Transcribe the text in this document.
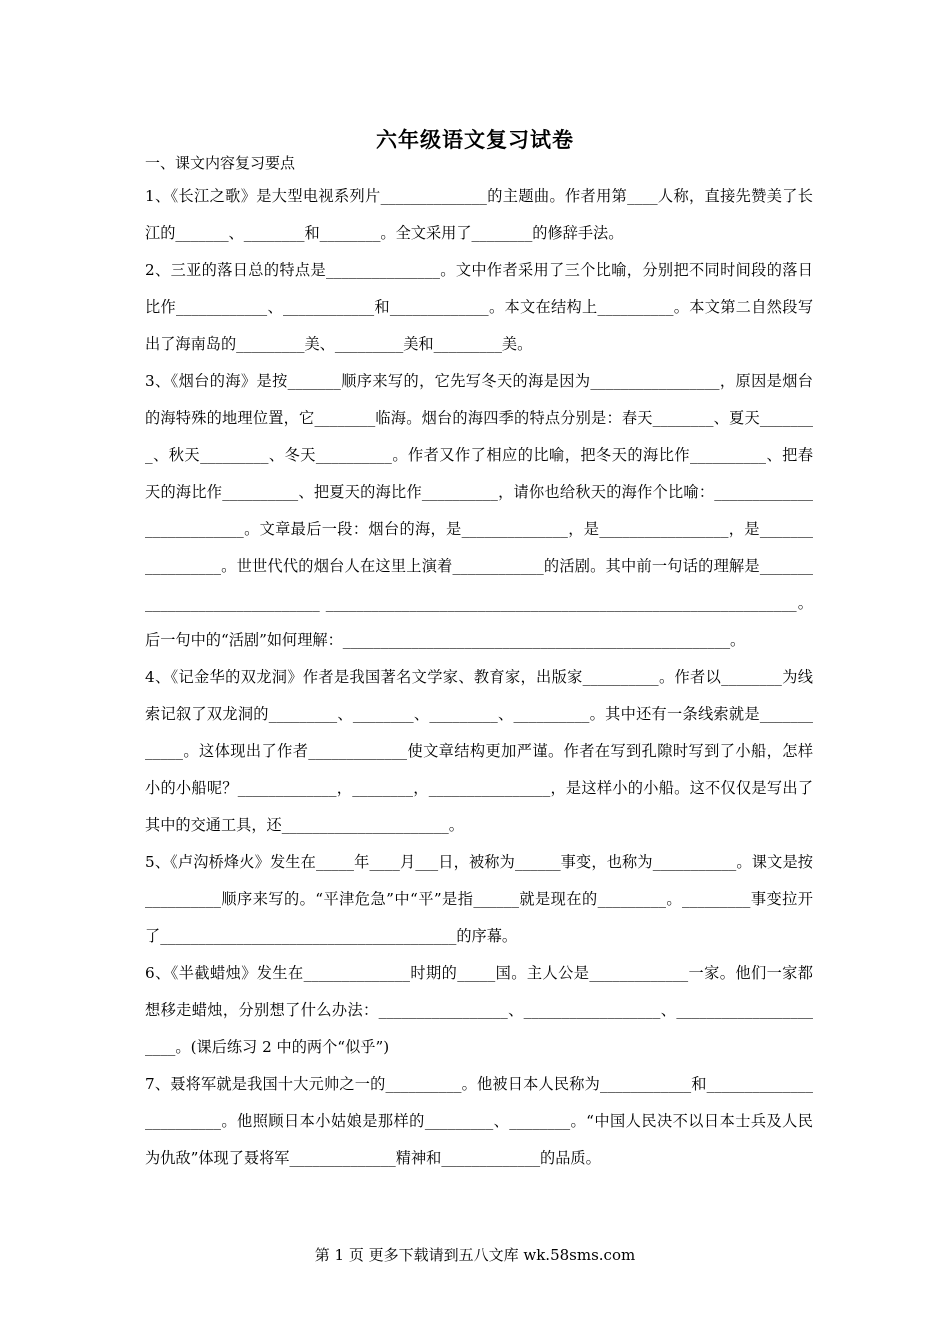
六年级语文复习试卷
一、课文内容复习要点
1、《长江之歌》是大型电视系列片______________的主题曲。作者用第____人称，直接先赞美了长江的_______、________和________。全文采用了________的修辞手法。
2、三亚的落日总的特点是_______________。文中作者采用了三个比喻，分别把不同时间段的落日比作____________、____________和_____________。本文在结构上__________。本文第二自然段写出了海南岛的_________美、_________美和_________美。
3、《烟台的海》是按_______顺序来写的，它先写冬天的海是因为_________________，原因是烟台的海特殊的地理位置，它________临海。烟台的海四季的特点分别是：春天________、夏天________、秋天_________、冬天__________。作者又作了相应的比喻，把冬天的海比作__________、把春天的海比作__________、把夏天的海比作__________，请你也给秋天的海作个比喻：__________________________。文章最后一段：烟台的海，是______________，是_________________，是_________________。世世代代的烟台人在这里上演着____________的活剧。其中前一句话的理解是______________________________ ______________________________________________________________。后一句中的“活剧”如何理解：___________________________________________________。
4、《记金华的双龙洞》作者是我国著名文学家、教育家，出版家__________。作者以________为线索记叙了双龙洞的_________、________、_________、__________。其中还有一条线索就是____________。这体现出了作者_____________使文章结构更加严谨。作者在写到孔隙时写到了小船，怎样小的小船呢？_____________，________，________________，是这样小的小船。这不仅仅是写出了其中的交通工具，还______________________。
5、《卢沟桥烽火》发生在_____年____月___日，被称为______事变，也称为___________。课文是按__________顺序来写的。“平津危急”中“平”是指______就是现在的_________。_________事变拉开了_______________________________________的序幕。
6、《半截蜡烛》发生在______________时期的_____国。主人公是_____________一家。他们一家都想移走蜡烛，分别想了什么办法：_________________、__________________、______________________。(课后练习 2 中的两个“似乎”)
7、聂将军就是我国十大元帅之一的__________。他被日本人民称为____________和________________________。他照顾日本小姑娘是那样的_________、________。“中国人民决不以日本士兵及人民为仇敌”体现了聂将军______________精神和_____________的品质。
第 1 页 更多下载请到五八文库 wk.58sms.com
